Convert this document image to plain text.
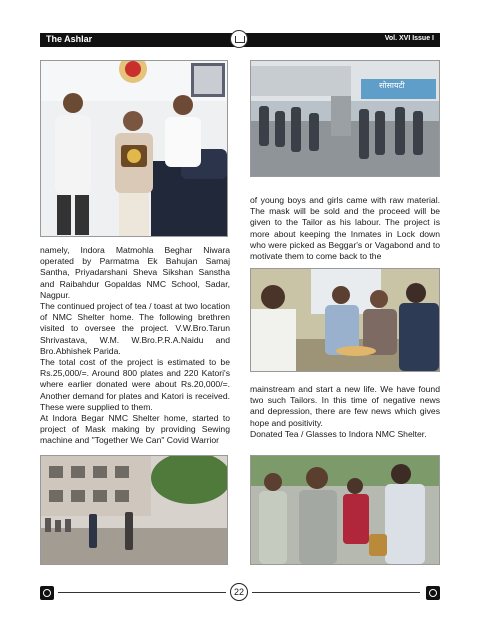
The Ashlar	Vol. XVI Issue I
सोसायटी

namely, Indora Matmohla Beghar Niwara operated by Parmatma Ek Bahujan Samaj Santha, Priyadarshani Sheva Sikshan Sanstha and Raibahdur Gopaldas NMC School, Sadar, Nagpur.

The continued project of tea / toast at two location of NMC Shelter home. The following brethren visited to oversee the project. V.W.Bro.Tarun Shrivastava, W.M. W.Bro.P.R.A.Naidu and Bro.Abhishek Parida.

The total cost of the project is estimated to be Rs.25,000/=. Around 800 plates and 220 Katori's where earlier donated were about Rs.20,000/=. Another demand for plates and Katori is received. These were supplied to them.

At Indora Begar NMC Shelter home, started to project of Mask making by providing Sewing machine and "Together We Can" Covid Warrior

of young boys and girls came with raw material. The mask will be sold and the proceed will be given to the Tailor as his labour. The project is more about keeping the Inmates in Lock down who were picked as Beggar's or Vagabond and to motivate them to come back to the

mainstream and start a new life. We have found two such Tailors. In this time of negative news and depression, there are few news which gives hope and positivity.

Donated Tea / Glasses to Indora NMC Shelter.

22
